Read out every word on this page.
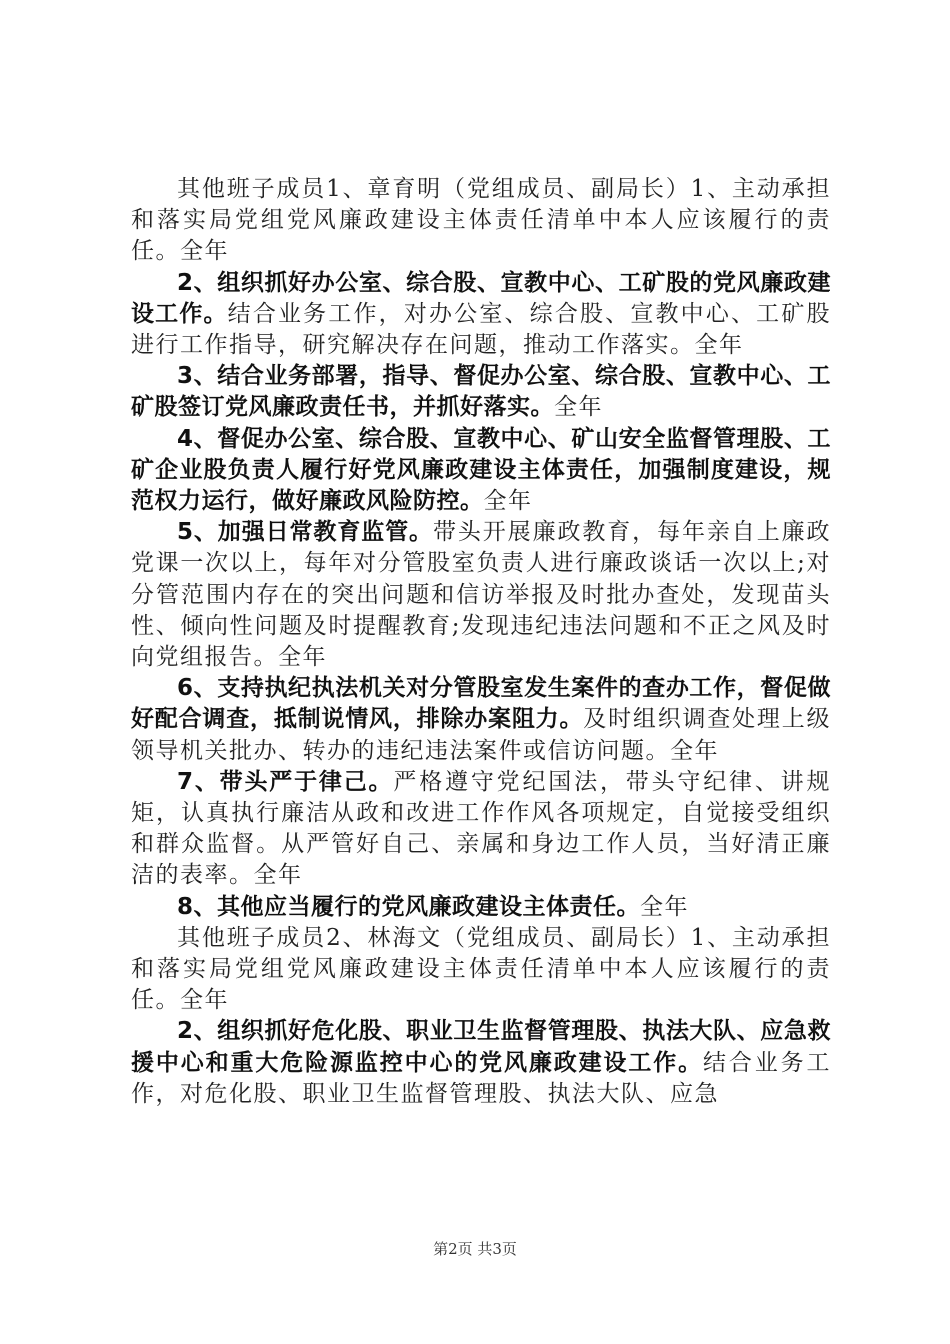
其他班子成员1、章育明（党组成员、副局长）1、主动承担和落实局党组党风廉政建设主体责任清单中本人应该履行的责任。全年

2、组织抓好办公室、综合股、宣教中心、工矿股的党风廉政建设工作。结合业务工作，对办公室、综合股、宣教中心、工矿股进行工作指导，研究解决存在问题，推动工作落实。全年

3、结合业务部署，指导、督促办公室、综合股、宣教中心、工矿股签订党风廉政责任书，并抓好落实。全年

4、督促办公室、综合股、宣教中心、矿山安全监督管理股、工矿企业股负责人履行好党风廉政建设主体责任，加强制度建设，规范权力运行，做好廉政风险防控。全年

5、加强日常教育监管。带头开展廉政教育，每年亲自上廉政党课一次以上，每年对分管股室负责人进行廉政谈话一次以上;对分管范围内存在的突出问题和信访举报及时批办查处，发现苗头性、倾向性问题及时提醒教育;发现违纪违法问题和不正之风及时向党组报告。全年

6、支持执纪执法机关对分管股室发生案件的查办工作，督促做好配合调查，抵制说情风，排除办案阻力。及时组织调查处理上级领导机关批办、转办的违纪违法案件或信访问题。全年

7、带头严于律己。严格遵守党纪国法，带头守纪律、讲规矩，认真执行廉洁从政和改进工作作风各项规定，自觉接受组织和群众监督。从严管好自己、亲属和身边工作人员，当好清正廉洁的表率。全年

8、其他应当履行的党风廉政建设主体责任。全年

其他班子成员2、林海文（党组成员、副局长）1、主动承担和落实局党组党风廉政建设主体责任清单中本人应该履行的责任。全年

2、组织抓好危化股、职业卫生监督管理股、执法大队、应急救援中心和重大危险源监控中心的党风廉政建设工作。结合业务工作，对危化股、职业卫生监督管理股、执法大队、应急

第2页 共3页
